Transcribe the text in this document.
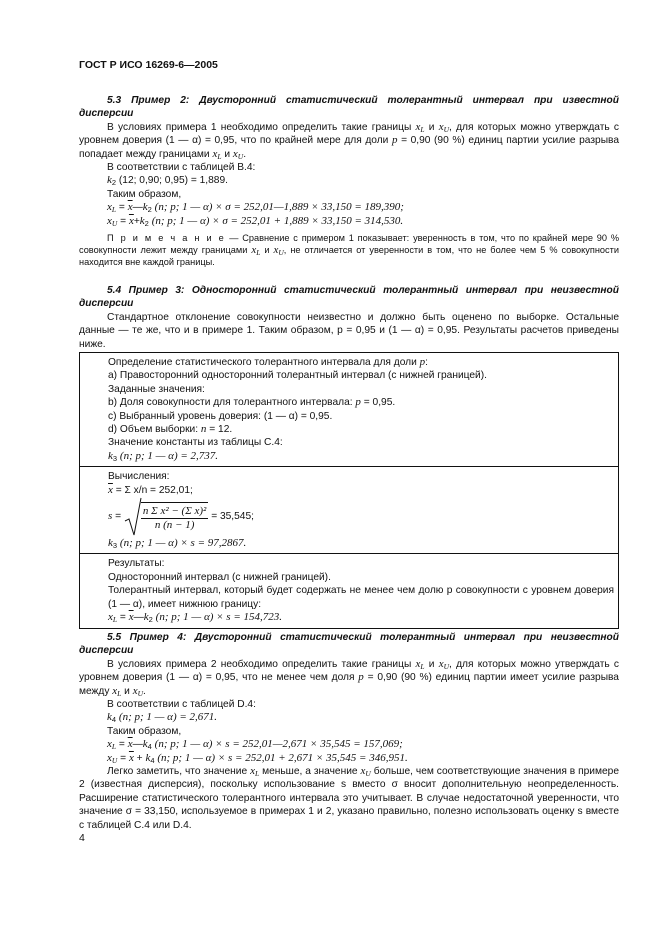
ГОСТ Р ИСО 16269-6—2005

5.3 Пример 2: Двусторонний статистический толерантный интервал при известной дисперсии

В условиях примера 1 необходимо определить такие границы $x_L$ и $x_U$, для которых можно утверждать с уровнем доверия (1 — α) = 0,95, что по крайней мере для доли p = 0,90 (90 %) единиц партии усилие разрыва попадает между границами $x_L$ и $x_U$.

В соответствии с таблицей В.4:

$k_2$ (12; 0,90; 0,95) = 1,889.

Таким образом,

$x_L$ = $\overline{x}—k_2$ (n; p; 1 — α) × σ = 252,01—1,889 × 33,150 = 189,390;

$x_U = \overline{x}+k_2$ (n; p; 1 — α) × σ = 252,01 + 1,889 × 33,150 = 314,530.

П р и м е ч а н и е — Сравнение с примером 1 показывает: уверенность в том, что по крайней мере 90 % совокупности лежит между границами $x_L$ и $x_U$, не отличается от уверенности в том, что не более чем 5 % совокупности находится вне каждой границы.

5.4 Пример 3: Односторонний статистический толерантный интервал при неизвестной дисперсии

Стандартное отклонение совокупности неизвестно и должно быть оценено по выборке. Остальные данные — те же, что и в примере 1. Таким образом, p = 0,95 и (1 — α) = 0,95. Результаты расчетов приведены ниже.

Определение статистического толерантного интервала для доли p:

a) Правосторонний односторонний толерантный интервал (с нижней границей).

Заданные значения:

b) Доля совокупности для толерантного интервала: p = 0,95.

c) Выбранный уровень доверия: (1 — α) = 0,95.

d) Объем выборки: n = 12.

Значение константы из таблицы С.4:

$k_3$ (n; p; 1 — α) = 2,737.

Вычисления:

$\overline{x} = \Sigma$ x/n = 252,01;

$s = \frac{\text{n Σ x² − (Σ x)²}}{n (n - 1)}$
= 35,545;

$k_3$ (n; p; 1 — α) × s = 97,2867.

Результаты:

Односторонний интервал (с нижней границей).

Толерантный интервал, который будет содержать не менее чем долю p совокупности с уровнем доверия (1 — α), имеет нижнюю границу:

$x_L$ = $\overline{x}—k_2$ (n; p; 1 — α) × s = 154,723.

5.5 Пример 4: Двусторонний статистический толерантный интервал при неизвестной дисперсии

В условиях примера 2 необходимо определить такие границы $x_L$ и $x_U$, для которых можно утверждать с уровнем доверия (1 — α) = 0,95, что не менее чем доля p = 0,90 (90 %) единиц партии имеет усилие разрыва между $x_L$ и $x_U$.

В соответствии с таблицей D.4:

$k_4$ (n; p; 1 — α) = 2,671.

Таким образом,

$x_L$ = $\overline{x}—k_4$ (n; p; 1 — α) × s = 252,01—2,671 × 35,545 = 157,069;

$x_U = \overline{x} + k_4$ (n; p; 1 — α) × s = 252,01 + 2,671 × 35,545 = 346,951.

Легко заметить, что значение $x_L$ меньше, а значение $x_U$ больше, чем соответствующие значения в примере 2 (известная дисперсия), поскольку использование s вместо σ вносит дополнительную неопределенность. Расширение статистического толерантного интервала это учитывает. В случае недостаточной уверенности, что значение σ = 33,150, используемое в примерах 1 и 2, указано правильно, полезно использовать оценку s вместе с таблицей С.4 или D.4.

4
